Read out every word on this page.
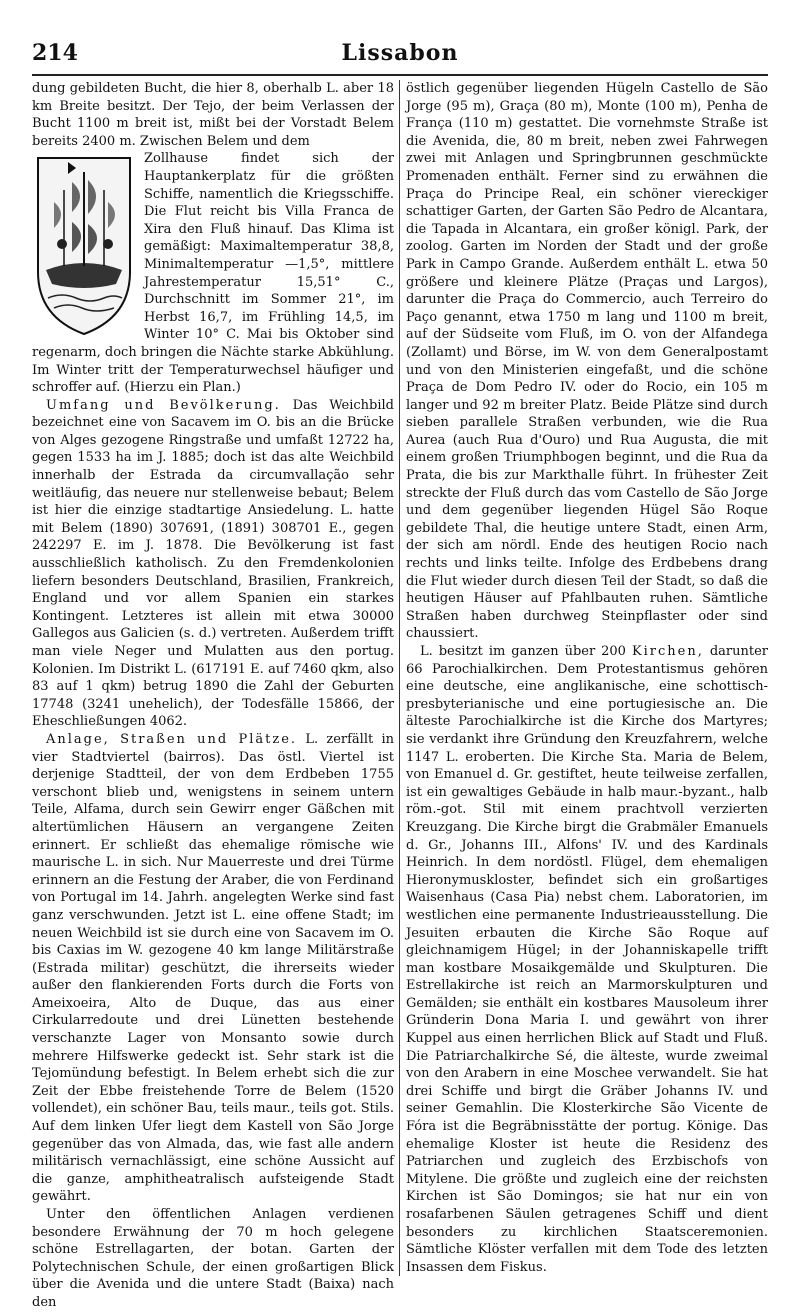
214	Lissabon

dung gebildeten Bucht, die hier 8, oberhalb L. aber 18 km Breite besitzt. Der Tejo, der beim Verlassen der Bucht 1100 m breit ist, mißt bei der Vorstadt Belem bereits 2400 m. Zwischen Belem und dem

Zollhause findet sich der Hauptankerplatz für die größten Schiffe, namentlich die Kriegsschiffe. Die Flut reicht bis Villa Franca de Xira den Fluß hinauf. Das Klima ist gemäßigt: Maximaltemperatur 38,8, Minimaltemperatur —1,5°, mittlere Jahrestemperatur 15,51° C., Durchschnitt im Sommer 21°, im Herbst 16,7, im Frühling 14,5, im Winter 10° C. Mai bis Oktober sind regenarm, doch bringen die Nächte starke Abkühlung. Im Winter tritt der Temperaturwechsel häufiger und schroffer auf. (Hierzu ein Plan.)

Umfang und Bevölkerung. Das Weichbild bezeichnet eine von Sacavem im O. bis an die Brücke von Alges gezogene Ringstraße und umfaßt 12722 ha, gegen 1533 ha im J. 1885; doch ist das alte Weichbild innerhalb der Estrada da circumvallação sehr weitläufig, das neuere nur stellenweise bebaut; Belem ist hier die einzige stadtartige Ansiedelung. L. hatte mit Belem (1890) 307691, (1891) 308701 E., gegen 242297 E. im J. 1878. Die Bevölkerung ist fast ausschließlich katholisch. Zu den Fremdenkolonien liefern besonders Deutschland, Brasilien, Frankreich, England und vor allem Spanien ein starkes Kontingent. Letzteres ist allein mit etwa 30000 Gallegos aus Galicien (s. d.) vertreten. Außerdem trifft man viele Neger und Mulatten aus den portug. Kolonien. Im Distrikt L. (617191 E. auf 7460 qkm, also 83 auf 1 qkm) betrug 1890 die Zahl der Geburten 17748 (3241 unehelich), der Todesfälle 15866, der Eheschließungen 4062.

Anlage, Straßen und Plätze. L. zerfällt in vier Stadtviertel (bairros). Das östl. Viertel ist derjenige Stadtteil, der von dem Erdbeben 1755 verschont blieb und, wenigstens in seinem untern Teile, Alfama, durch sein Gewirr enger Gäßchen mit altertümlichen Häusern an vergangene Zeiten erinnert. Er schließt das ehemalige römische wie maurische L. in sich. Nur Mauerreste und drei Türme erinnern an die Festung der Araber, die von Ferdinand von Portugal im 14. Jahrh. angelegten Werke sind fast ganz verschwunden. Jetzt ist L. eine offene Stadt; im neuen Weichbild ist sie durch eine von Sacavem im O. bis Caxias im W. gezogene 40 km lange Militärstraße (Estrada militar) geschützt, die ihrerseits wieder außer den flankierenden Forts durch die Forts von Ameixoeira, Alto de Duque, das aus einer Cirkularredoute und drei Lünetten bestehende verschanzte Lager von Monsanto sowie durch mehrere Hilfswerke gedeckt ist. Sehr stark ist die Tejomündung befestigt. In Belem erhebt sich die zur Zeit der Ebbe freistehende Torre de Belem (1520 vollendet), ein schöner Bau, teils maur., teils got. Stils. Auf dem linken Ufer liegt dem Kastell von São Jorge gegenüber das von Almada, das, wie fast alle andern militärisch vernachlässigt, eine schöne Aussicht auf die ganze, amphitheatralisch aufsteigende Stadt gewährt.

Unter den öffentlichen Anlagen verdienen besondere Erwähnung der 70 m hoch gelegene schöne Estrellagarten, der botan. Garten der Polytechnischen Schule, der einen großartigen Blick über die Avenida und die untere Stadt (Baixa) nach den

östlich gegenüber liegenden Hügeln Castello de São Jorge (95 m), Graça (80 m), Monte (100 m), Penha de França (110 m) gestattet. Die vornehmste Straße ist die Avenida, die, 80 m breit, neben zwei Fahrwegen zwei mit Anlagen und Springbrunnen geschmückte Promenaden enthält. Ferner sind zu erwähnen die Praça do Principe Real, ein schöner viereckiger schattiger Garten, der Garten São Pedro de Alcantara, die Tapada in Alcantara, ein großer königl. Park, der zoolog. Garten im Norden der Stadt und der große Park in Campo Grande. Außerdem enthält L. etwa 50 größere und kleinere Plätze (Praças und Largos), darunter die Praça do Commercio, auch Terreiro do Paço genannt, etwa 1750 m lang und 1100 m breit, auf der Südseite vom Fluß, im O. von der Alfandega (Zollamt) und Börse, im W. von dem Generalpostamt und von den Ministerien eingefaßt, und die schöne Praça de Dom Pedro IV. oder do Rocio, ein 105 m langer und 92 m breiter Platz. Beide Plätze sind durch sieben parallele Straßen verbunden, wie die Rua Aurea (auch Rua d'Ouro) und Rua Augusta, die mit einem großen Triumphbogen beginnt, und die Rua da Prata, die bis zur Markthalle führt. In frühester Zeit streckte der Fluß durch das vom Castello de São Jorge und dem gegenüber liegenden Hügel São Roque gebildete Thal, die heutige untere Stadt, einen Arm, der sich am nördl. Ende des heutigen Rocio nach rechts und links teilte. Infolge des Erdbebens drang die Flut wieder durch diesen Teil der Stadt, so daß die heutigen Häuser auf Pfahlbauten ruhen. Sämtliche Straßen haben durchweg Steinpflaster oder sind chaussiert.

L. besitzt im ganzen über 200 Kirchen, darunter 66 Parochialkirchen. Dem Protestantismus gehören eine deutsche, eine anglikanische, eine schottisch-presbyterianische und eine portugiesische an. Die älteste Parochialkirche ist die Kirche dos Martyres; sie verdankt ihre Gründung den Kreuzfahrern, welche 1147 L. eroberten. Die Kirche Sta. Maria de Belem, von Emanuel d. Gr. gestiftet, heute teilweise zerfallen, ist ein gewaltiges Gebäude in halb maur.-byzant., halb röm.-got. Stil mit einem prachtvoll verzierten Kreuzgang. Die Kirche birgt die Grabmäler Emanuels d. Gr., Johanns III., Alfons' IV. und des Kardinals Heinrich. In dem nordöstl. Flügel, dem ehemaligen Hieronymuskloster, befindet sich ein großartiges Waisenhaus (Casa Pia) nebst chem. Laboratorien, im westlichen eine permanente Industrieausstellung. Die Jesuiten erbauten die Kirche São Roque auf gleichnamigem Hügel; in der Johanniskapelle trifft man kostbare Mosaikgemälde und Skulpturen. Die Estrellakirche ist reich an Marmorskulpturen und Gemälden; sie enthält ein kostbares Mausoleum ihrer Gründerin Dona Maria I. und gewährt von ihrer Kuppel aus einen herrlichen Blick auf Stadt und Fluß. Die Patriarchalkirche Sé, die älteste, wurde zweimal von den Arabern in eine Moschee verwandelt. Sie hat drei Schiffe und birgt die Gräber Johanns IV. und seiner Gemahlin. Die Klosterkirche São Vicente de Fóra ist die Begräbnisstätte der portug. Könige. Das ehemalige Kloster ist heute die Residenz des Patriarchen und zugleich des Erzbischofs von Mitylene. Die größte und zugleich eine der reichsten Kirchen ist São Domingos; sie hat nur ein von rosafarbenen Säulen getragenes Schiff und dient besonders zu kirchlichen Staatsceremonien. Sämtliche Klöster verfallen mit dem Tode des letzten Insassen dem Fiskus.
